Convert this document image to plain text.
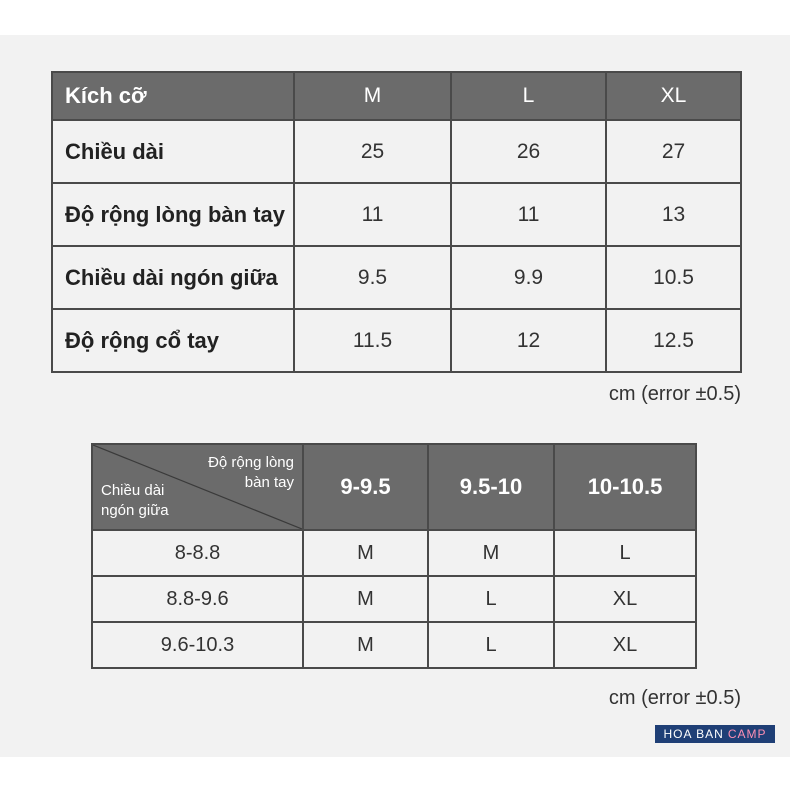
Kích cỡ	M	L	XL
Chiều dài	25	26	27
Độ rộng lòng bàn tay	11	11	13
Chiều dài ngón giữa	9.5	9.9	10.5
Độ rộng cổ tay	11.5	12	12.5
cm (error ±0.5)
Độ rộng lòng
bàn tay
Chiều dài
ngón giữa	9-9.5	9.5-10	10-10.5
8-8.8	M	M	L
8.8-9.6	M	L	XL
9.6-10.3	M	L	XL
cm (error ±0.5)
HOA BAN CAMP
